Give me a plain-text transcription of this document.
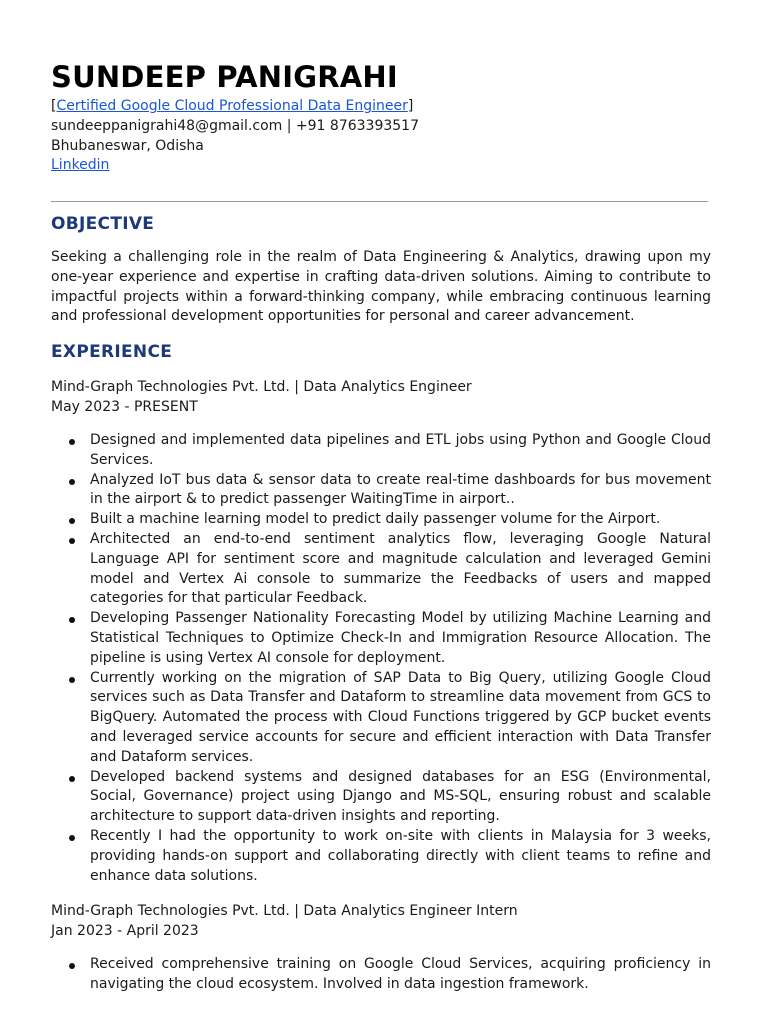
SUNDEEP PANIGRAHI
[Certified Google Cloud Professional Data Engineer]
sundeeppanigrahi48@gmail.com | +91 8763393517
Bhubaneswar, Odisha
Linkedin
OBJECTIVE

Seeking a challenging role in the realm of Data Engineering & Analytics, drawing upon my one-year experience and expertise in crafting data-driven solutions. Aiming to contribute to impactful projects within a forward-thinking company, while embracing continuous learning and professional development opportunities for personal and career advancement.

EXPERIENCE
Mind-Graph Technologies Pvt. Ltd. | Data Analytics Engineer
May 2023 - PRESENT
Designed and implemented data pipelines and ETL jobs using Python and Google Cloud Services.
Analyzed IoT bus data & sensor data to create real-time dashboards for bus movement in the airport & to predict passenger WaitingTime in airport..
Built a machine learning model to predict daily passenger volume for the Airport.
Architected an end-to-end sentiment analytics flow, leveraging Google Natural Language API for sentiment score and magnitude calculation and leveraged Gemini model and Vertex Ai console to summarize the Feedbacks of users and mapped categories for that particular Feedback.
Developing Passenger Nationality Forecasting Model by utilizing Machine Learning and Statistical Techniques to Optimize Check-In and Immigration Resource Allocation. The pipeline is using Vertex AI console for deployment.
Currently working on the migration of SAP Data to Big Query, utilizing Google Cloud services such as Data Transfer and Dataform to streamline data movement from GCS to BigQuery. Automated the process with Cloud Functions triggered by GCP bucket events and leveraged service accounts for secure and efficient interaction with Data Transfer and Dataform services.
Developed backend systems and designed databases for an ESG (Environmental, Social, Governance) project using Django and MS-SQL, ensuring robust and scalable architecture to support data-driven insights and reporting.
Recently I had the opportunity to work on-site with clients in Malaysia for 3 weeks, providing hands-on support and collaborating directly with client teams to refine and enhance data solutions.
Mind-Graph Technologies Pvt. Ltd. | Data Analytics Engineer Intern
Jan 2023 - April 2023
Received comprehensive training on Google Cloud Services, acquiring proficiency in navigating the cloud ecosystem. Involved in data ingestion framework.
